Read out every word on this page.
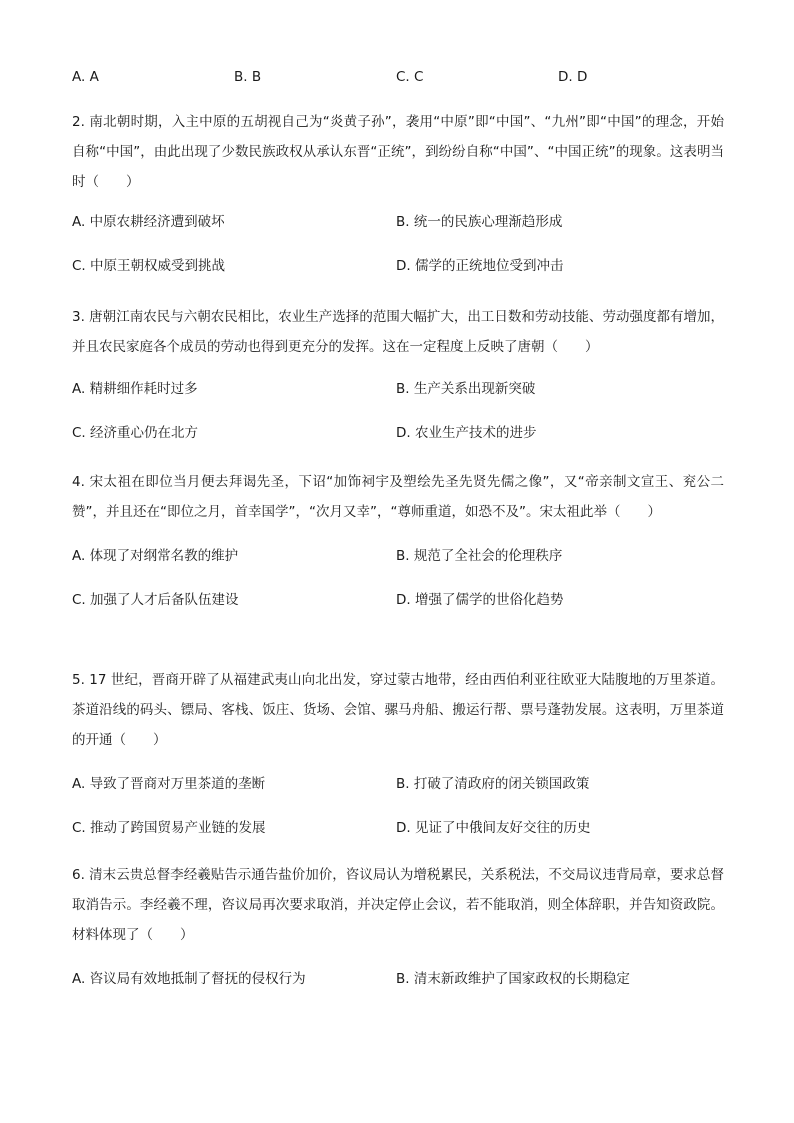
A. A	B. B	C. C	D. D

2. 南北朝时期，入主中原的五胡视自己为“炎黄子孙”，袭用“中原”即“中国”、“九州”即“中国”的理念，开始自称“中国”，由此出现了少数民族政权从承认东晋“正统”，到纷纷自称“中国”、“中国正统”的现象。这表明当时（　　）

A. 中原农耕经济遭到破坏	B. 统一的民族心理渐趋形成
C. 中原王朝权威受到挑战	D. 儒学的正统地位受到冲击

3. 唐朝江南农民与六朝农民相比，农业生产选择的范围大幅扩大，出工日数和劳动技能、劳动强度都有增加，并且农民家庭各个成员的劳动也得到更充分的发挥。这在一定程度上反映了唐朝（　　）

A. 精耕细作耗时过多	B. 生产关系出现新突破
C. 经济重心仍在北方	D. 农业生产技术的进步

4. 宋太祖在即位当月便去拜谒先圣，下诏“加饰祠宇及塑绘先圣先贤先儒之像”，又“帝亲制文宣王、兖公二赞”，并且还在“即位之月，首幸国学”，“次月又幸”，“尊师重道，如恐不及”。宋太祖此举（　　）

A. 体现了对纲常名教的维护	B. 规范了全社会的伦理秩序
C. 加强了人才后备队伍建设	D. 增强了儒学的世俗化趋势

5. 17 世纪，晋商开辟了从福建武夷山向北出发，穿过蒙古地带，经由西伯利亚往欧亚大陆腹地的万里茶道。茶道沿线的码头、镖局、客栈、饭庄、货场、会馆、骡马舟船、搬运行帮、票号蓬勃发展。这表明，万里茶道的开通（　　）

A. 导致了晋商对万里茶道的垄断	B. 打破了清政府的闭关锁国政策
C. 推动了跨国贸易产业链的发展	D. 见证了中俄间友好交往的历史

6. 清末云贵总督李经羲贴告示通告盐价加价，咨议局认为增税累民，关系税法，不交局议违背局章，要求总督取消告示。李经羲不理，咨议局再次要求取消，并决定停止会议，若不能取消，则全体辞职，并告知资政院。材料体现了（　　）

A. 咨议局有效地抵制了督抚的侵权行为	B. 清末新政维护了国家政权的长期稳定
